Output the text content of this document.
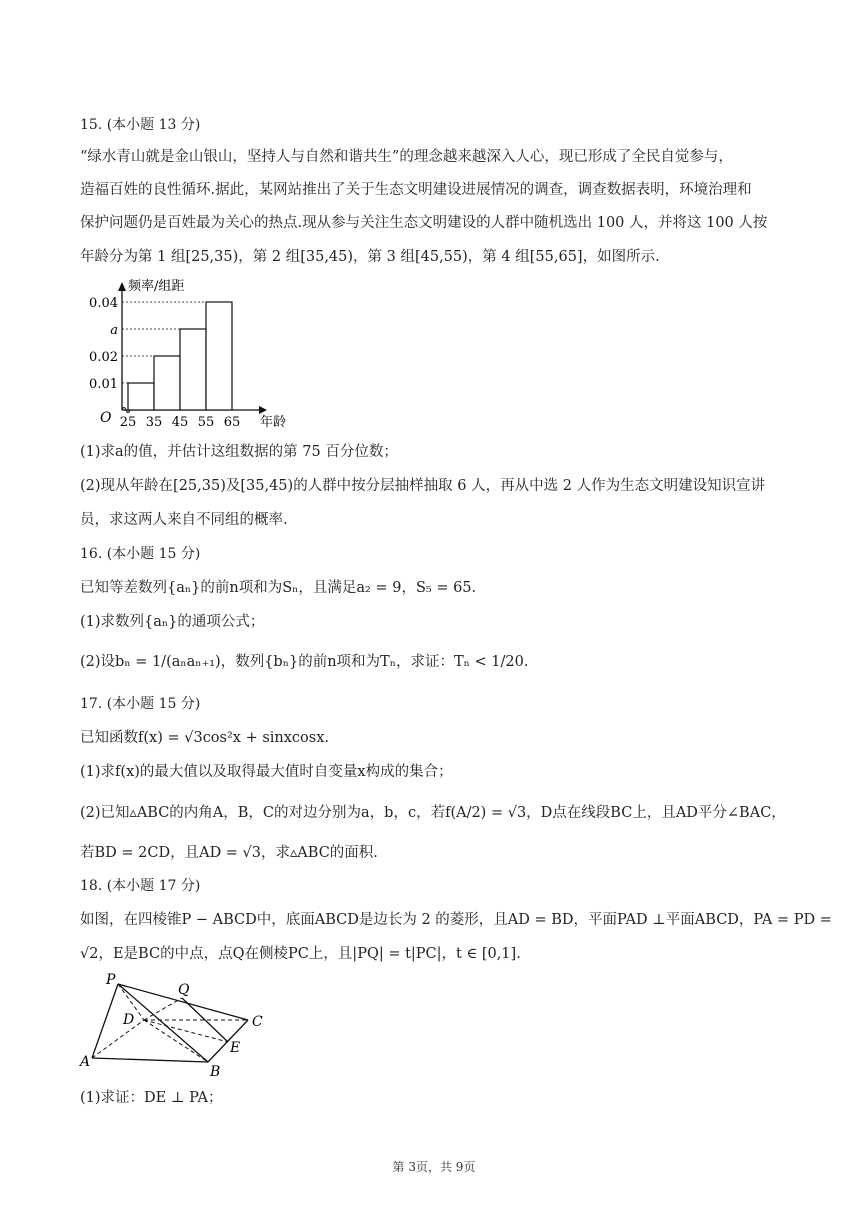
15. (本小题 13 分)
“绿水青山就是金山银山，坚持人与自然和谐共生”的理念越来越深入人心，现已形成了全民自觉参与，
造福百姓的良性循环.据此，某网站推出了关于生态文明建设进展情况的调查，调查数据表明，环境治理和
保护问题仍是百姓最为关心的热点.现从参与关注生态文明建设的人群中随机选出 100 人，并将这 100 人按
年龄分为第 1 组[25,35)，第 2 组[35,45)，第 3 组[45,55)，第 4 组[55,65]，如图所示.
0.01
0.02
a
0.04
25 35 45 55 65
频率/组距
年龄
O
(1)求a的值，并估计这组数据的第 75 百分位数；
(2)现从年龄在[25,35)及[35,45)的人群中按分层抽样抽取 6 人，再从中选 2 人作为生态文明建设知识宣讲
员，求这两人来自不同组的概率.
16. (本小题 15 分)
已知等差数列{aₙ}的前n项和为Sₙ，且满足a₂ = 9，S₅ = 65.
(1)求数列{aₙ}的通项公式；
(2)设bₙ = 1/(aₙaₙ₊₁)，数列{bₙ}的前n项和为Tₙ，求证：Tₙ < 1/20.
17. (本小题 15 分)
已知函数f(x) = √3cos²x + sinxcosx.
(1)求f(x)的最大值以及取得最大值时自变量x构成的集合；
(2)已知▵ABC的内角A，B，C的对边分别为a，b，c，若f(A/2) = √3，D点在线段BC上，且AD平分∠BAC，
若BD = 2CD，且AD = √3，求▵ABC的面积.
18. (本小题 17 分)
如图，在四棱锥P − ABCD中，底面ABCD是边长为 2 的菱形，且AD = BD，平面PAD ⊥平面ABCD，PA = PD =
√2，E是BC的中点，点Q在侧棱PC上，且|PQ| = t|PC|，t ∈ [0,1].
P
Q
D	C
E
A
B
(1)求证：DE ⊥ PA；
第 3页，共 9页
